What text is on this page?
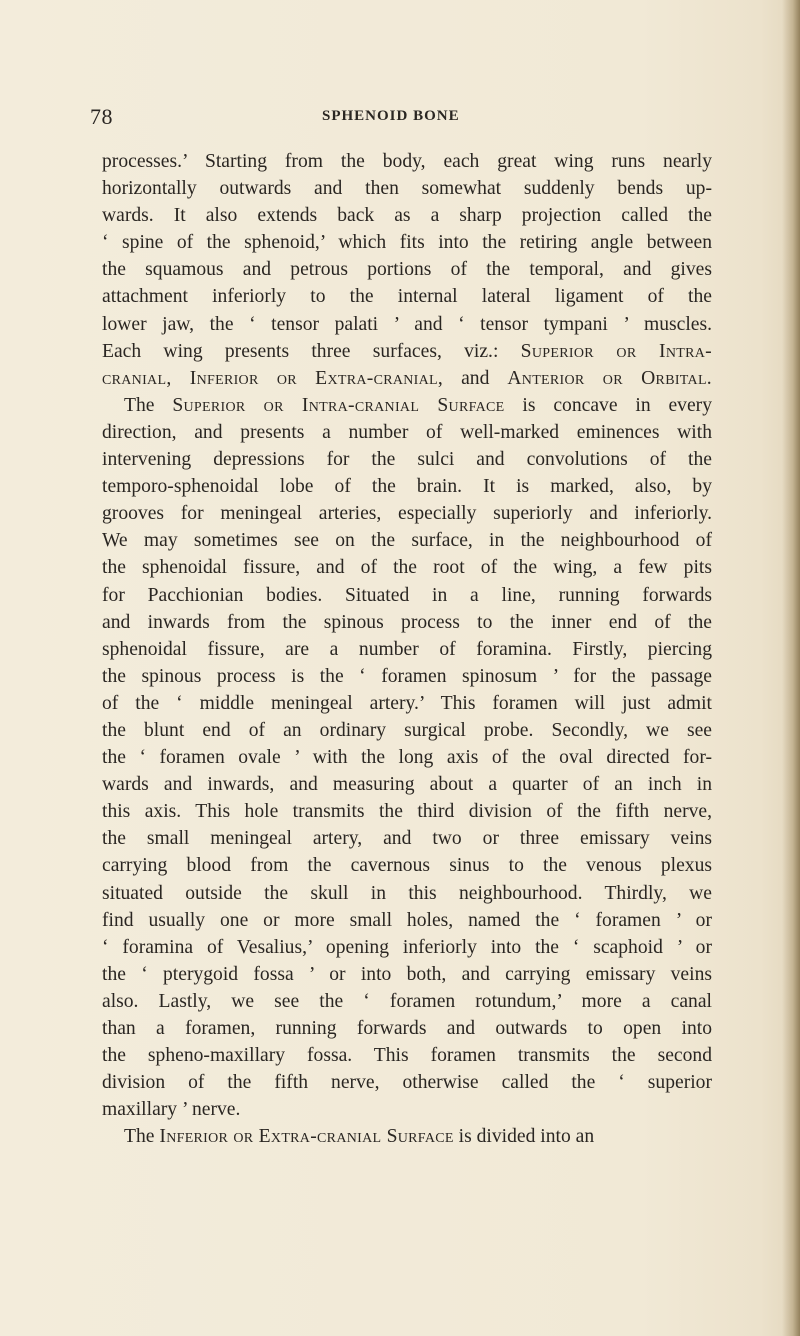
78	SPHENOID BONE
processes.’ Starting from the body, each great wing runs nearly
horizontally outwards and then somewhat suddenly bends up-
wards. It also extends back as a sharp projection called the
‘ spine of the sphenoid,’ which fits into the retiring angle between
the squamous and petrous portions of the temporal, and gives
attachment inferiorly to the internal lateral ligament of the
lower jaw, the ‘ tensor palati ’ and ‘ tensor tympani ’ muscles.
Each wing presents three surfaces, viz.: Superior or Intra-
cranial, Inferior or Extra-cranial, and Anterior or Orbital.
The Superior or Intra-cranial Surface is concave in every
direction, and presents a number of well-marked eminences with
intervening depressions for the sulci and convolutions of the
temporo-sphenoidal lobe of the brain. It is marked, also, by
grooves for meningeal arteries, especially superiorly and inferiorly.
We may sometimes see on the surface, in the neighbourhood of
the sphenoidal fissure, and of the root of the wing, a few pits
for Pacchionian bodies. Situated in a line, running forwards
and inwards from the spinous process to the inner end of the
sphenoidal fissure, are a number of foramina. Firstly, piercing
the spinous process is the ‘ foramen spinosum ’ for the passage
of the ‘ middle meningeal artery.’ This foramen will just admit
the blunt end of an ordinary surgical probe. Secondly, we see
the ‘ foramen ovale ’ with the long axis of the oval directed for-
wards and inwards, and measuring about a quarter of an inch in
this axis. This hole transmits the third division of the fifth nerve,
the small meningeal artery, and two or three emissary veins
carrying blood from the cavernous sinus to the venous plexus
situated outside the skull in this neighbourhood. Thirdly, we
find usually one or more small holes, named the ‘ foramen ’ or
‘ foramina of Vesalius,’ opening inferiorly into the ‘ scaphoid ’ or
the ‘ pterygoid fossa ’ or into both, and carrying emissary veins
also. Lastly, we see the ‘ foramen rotundum,’ more a canal
than a foramen, running forwards and outwards to open into
the spheno-maxillary fossa. This foramen transmits the second
division of the fifth nerve, otherwise called the ‘ superior
maxillary ’ nerve.
The Inferior or Extra-cranial Surface is divided into an
